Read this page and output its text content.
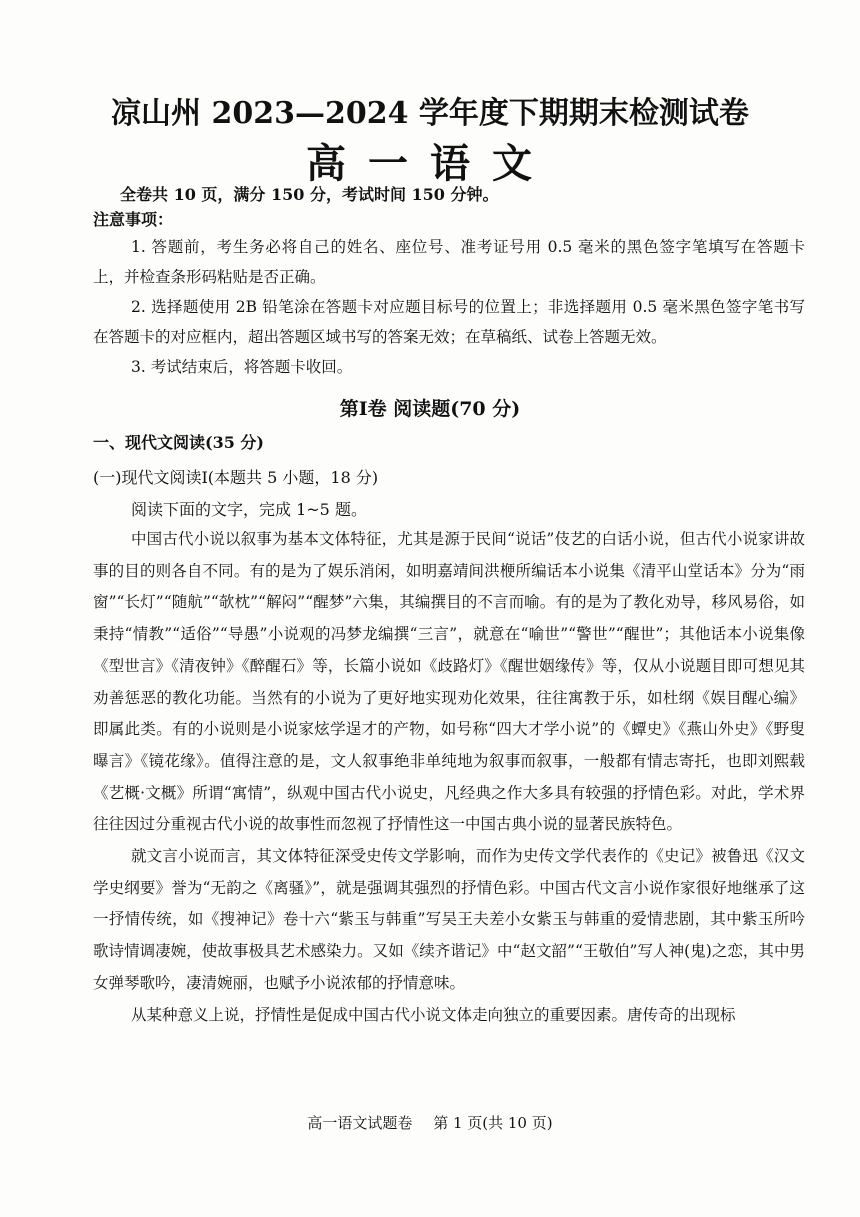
凉山州 2023—2024 学年度下期期末检测试卷
高一语文
全卷共 10 页，满分 150 分，考试时间 150 分钟。
注意事项：

1. 答题前，考生务必将自己的姓名、座位号、准考证号用 0.5 毫米的黑色签字笔填写在答题卡上，并检查条形码粘贴是否正确。

2. 选择题使用 2B 铅笔涂在答题卡对应题目标号的位置上；非选择题用 0.5 毫米黑色签字笔书写在答题卡的对应框内，超出答题区域书写的答案无效；在草稿纸、试卷上答题无效。

3. 考试结束后，将答题卡收回。

第Ⅰ卷 阅读题(70 分)
一、现代文阅读(35 分)
(一)现代文阅读Ⅰ(本题共 5 小题，18 分)
阅读下面的文字，完成 1~5 题。

中国古代小说以叙事为基本文体特征，尤其是源于民间“说话”伎艺的白话小说，但古代小说家讲故事的目的则各自不同。有的是为了娱乐消闲，如明嘉靖间洪楩所编话本小说集《清平山堂话本》分为“雨窗”“长灯”“随航”“欹枕”“解闷”“醒梦”六集，其编撰目的不言而喻。有的是为了教化劝导，移风易俗，如秉持“情教”“适俗”“导愚”小说观的冯梦龙编撰“三言”，就意在“喻世”“警世”“醒世”；其他话本小说集像《型世言》《清夜钟》《醉醒石》等，长篇小说如《歧路灯》《醒世姻缘传》等，仅从小说题目即可想见其劝善惩恶的教化功能。当然有的小说为了更好地实现劝化效果，往往寓教于乐，如杜纲《娱目醒心编》即属此类。有的小说则是小说家炫学逞才的产物，如号称“四大才学小说”的《蟫史》《燕山外史》《野叟曝言》《镜花缘》。值得注意的是，文人叙事绝非单纯地为叙事而叙事，一般都有情志寄托，也即刘熙载《艺概·文概》所谓“寓情”，纵观中国古代小说史，凡经典之作大多具有较强的抒情色彩。对此，学术界往往因过分重视古代小说的故事性而忽视了抒情性这一中国古典小说的显著民族特色。

就文言小说而言，其文体特征深受史传文学影响，而作为史传文学代表作的《史记》被鲁迅《汉文学史纲要》誉为“无韵之《离骚》”，就是强调其强烈的抒情色彩。中国古代文言小说作家很好地继承了这一抒情传统，如《搜神记》卷十六“紫玉与韩重”写吴王夫差小女紫玉与韩重的爱情悲剧，其中紫玉所吟歌诗情调凄婉，使故事极具艺术感染力。又如《续齐谐记》中“赵文韶”“王敬伯”写人神(鬼)之恋，其中男女弹琴歌吟，凄清婉丽，也赋予小说浓郁的抒情意味。

从某种意义上说，抒情性是促成中国古代小说文体走向独立的重要因素。唐传奇的出现标

高一语文试题卷 第 1 页(共 10 页)
